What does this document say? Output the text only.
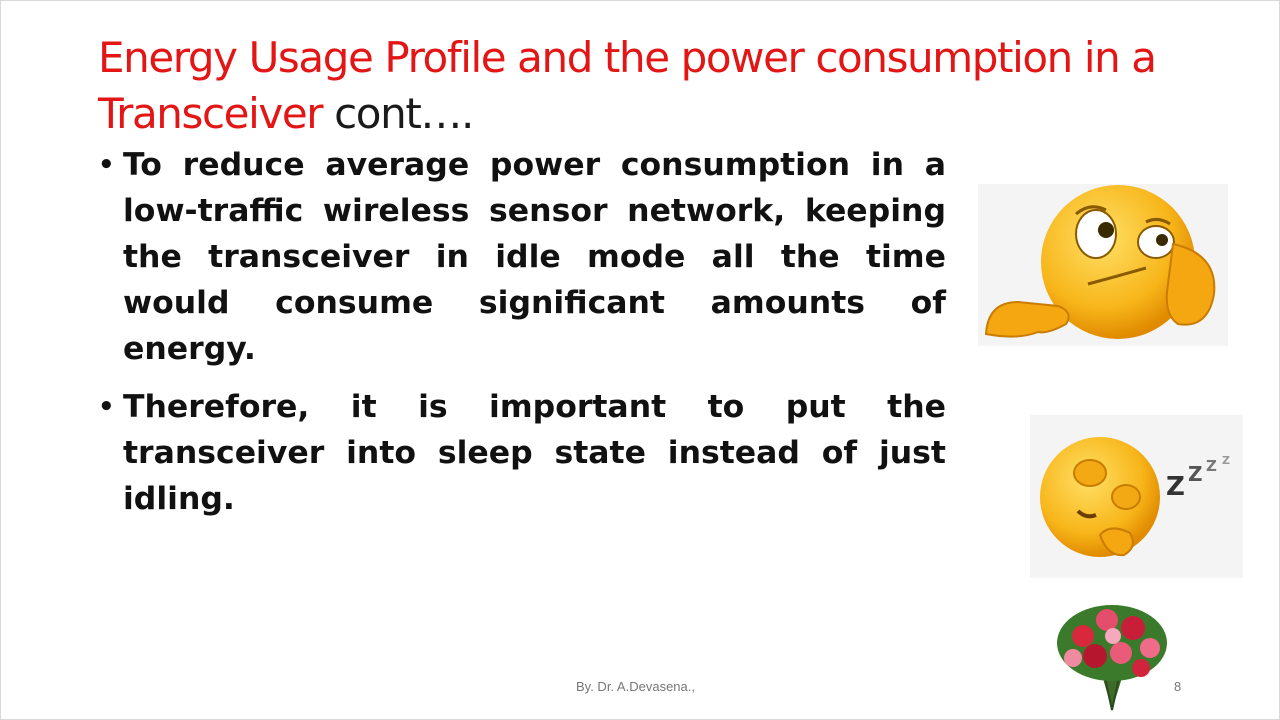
Energy Usage Profile and the power consumption in a Transceiver cont….
• To reduce average power consumption in a low-traffic wireless sensor network, keeping the transceiver in idle mode all the time would consume significant amounts of energy.
• Therefore, it is important to put the transceiver into sleep state instead of just idling.	Z Z Z Z
By. Dr. A.Devasena.,	8
